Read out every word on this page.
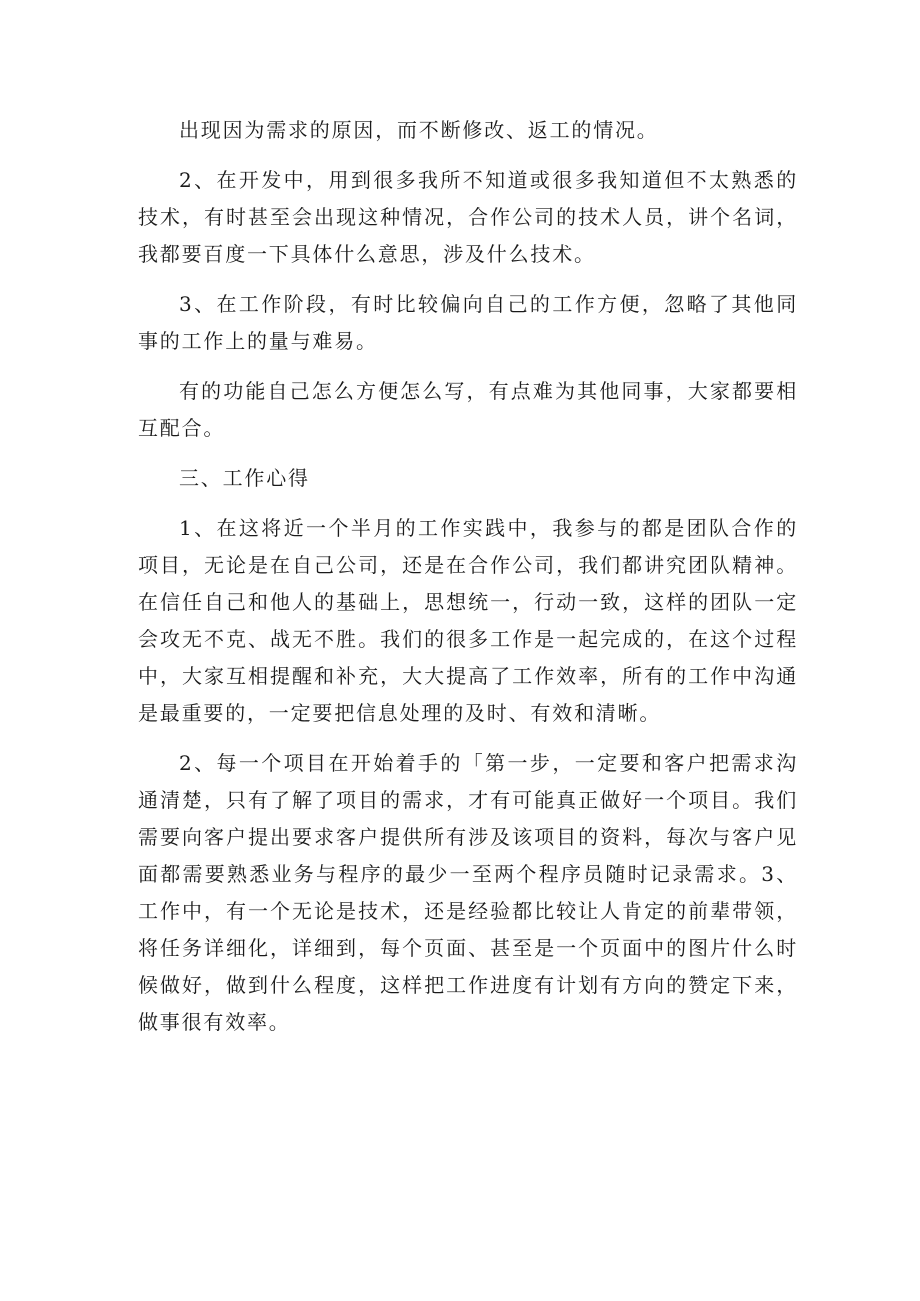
出现因为需求的原因，而不断修改、返工的情况。

2、在开发中，用到很多我所不知道或很多我知道但不太熟悉的技术，有时甚至会出现这种情况，合作公司的技术人员，讲个名词，我都要百度一下具体什么意思，涉及什么技术。

3、在工作阶段，有时比较偏向自己的工作方便，忽略了其他同事的工作上的量与难易。

有的功能自己怎么方便怎么写，有点难为其他同事，大家都要相互配合。

三、工作心得

1、在这将近一个半月的工作实践中，我参与的都是团队合作的项目，无论是在自己公司，还是在合作公司，我们都讲究团队精神。在信任自己和他人的基础上，思想统一，行动一致，这样的团队一定会攻无不克、战无不胜。我们的很多工作是一起完成的，在这个过程中，大家互相提醒和补充，大大提高了工作效率，所有的工作中沟通是最重要的，一定要把信息处理的及时、有效和清晰。

2、每一个项目在开始着手的「第一步，一定要和客户把需求沟通清楚，只有了解了项目的需求，才有可能真正做好一个项目。我们需要向客户提出要求客户提供所有涉及该项目的资料，每次与客户见面都需要熟悉业务与程序的最少一至两个程序员随时记录需求。3、工作中，有一个无论是技术，还是经验都比较让人肯定的前辈带领，将任务详细化，详细到，每个页面、甚至是一个页面中的图片什么时候做好，做到什么程度，这样把工作进度有计划有方向的赞定下来，做事很有效率。
